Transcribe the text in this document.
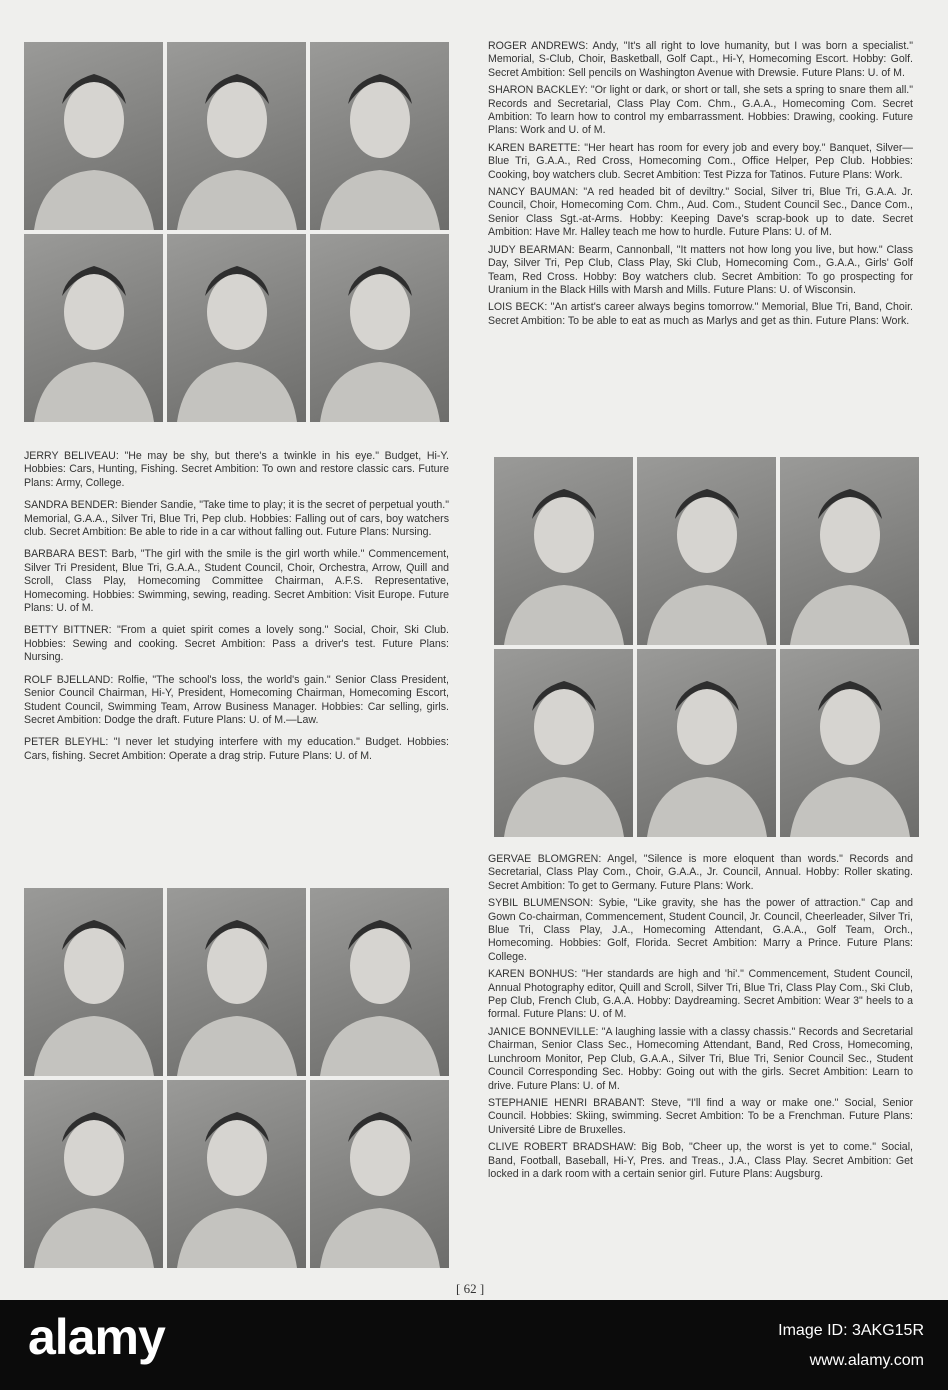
JERRY BELIVEAU: "He may be shy, but there's a twinkle in his eye." Budget, Hi-Y. Hobbies: Cars, Hunting, Fishing. Secret Ambition: To own and restore classic cars. Future Plans: Army, College.

SANDRA BENDER: Biender Sandie, "Take time to play; it is the secret of perpetual youth." Memorial, G.A.A., Silver Tri, Blue Tri, Pep club. Hobbies: Falling out of cars, boy watchers club. Secret Ambition: Be able to ride in a car without falling out. Future Plans: Nursing.

BARBARA BEST: Barb, "The girl with the smile is the girl worth while." Commencement, Silver Tri President, Blue Tri, G.A.A., Student Council, Choir, Orchestra, Arrow, Quill and Scroll, Class Play, Homecoming Committee Chairman, A.F.S. Representative, Homecoming. Hobbies: Swimming, sewing, reading. Secret Ambition: Visit Europe. Future Plans: U. of M.

BETTY BITTNER: "From a quiet spirit comes a lovely song." Social, Choir, Ski Club. Hobbies: Sewing and cooking. Secret Ambition: Pass a driver's test. Future Plans: Nursing.

ROLF BJELLAND: Rolfie, "The school's loss, the world's gain." Senior Class President, Senior Council Chairman, Hi-Y, President, Homecoming Chairman, Homecoming Escort, Student Council, Swimming Team, Arrow Business Manager. Hobbies: Car selling, girls. Secret Ambition: Dodge the draft. Future Plans: U. of M.—Law.

PETER BLEYHL: "I never let studying interfere with my education." Budget. Hobbies: Cars, fishing. Secret Ambition: Operate a drag strip. Future Plans: U. of M.

ROGER ANDREWS: Andy, "It's all right to love humanity, but I was born a specialist." Memorial, S-Club, Choir, Basketball, Golf Capt., Hi-Y, Homecoming Escort. Hobby: Golf. Secret Ambition: Sell pencils on Washington Avenue with Drewsie. Future Plans: U. of M.

SHARON BACKLEY: "Or light or dark, or short or tall, she sets a spring to snare them all." Records and Secretarial, Class Play Com. Chm., G.A.A., Homecoming Com. Secret Ambition: To learn how to control my embarrassment. Hobbies: Drawing, cooking. Future Plans: Work and U. of M.

KAREN BARETTE: "Her heart has room for every job and every boy." Banquet, Silver—Blue Tri, G.A.A., Red Cross, Homecoming Com., Office Helper, Pep Club. Hobbies: Cooking, boy watchers club. Secret Ambition: Test Pizza for Tatinos. Future Plans: Work.

NANCY BAUMAN: "A red headed bit of deviltry." Social, Silver tri, Blue Tri, G.A.A. Jr. Council, Choir, Homecoming Com. Chm., Aud. Com., Student Council Sec., Dance Com., Senior Class Sgt.-at-Arms. Hobby: Keeping Dave's scrap-book up to date. Secret Ambition: Have Mr. Halley teach me how to hurdle. Future Plans: U. of M.

JUDY BEARMAN: Bearm, Cannonball, "It matters not how long you live, but how." Class Day, Silver Tri, Pep Club, Class Play, Ski Club, Homecoming Com., G.A.A., Girls' Golf Team, Red Cross. Hobby: Boy watchers club. Secret Ambition: To go prospecting for Uranium in the Black Hills with Marsh and Mills. Future Plans: U. of Wisconsin.

LOIS BECK: "An artist's career always begins tomorrow." Memorial, Blue Tri, Band, Choir. Secret Ambition: To be able to eat as much as Marlys and get as thin. Future Plans: Work.

GERVAE BLOMGREN: Angel, "Silence is more eloquent than words." Records and Secretarial, Class Play Com., Choir, G.A.A., Jr. Council, Annual. Hobby: Roller skating. Secret Ambition: To get to Germany. Future Plans: Work.

SYBIL BLUMENSON: Sybie, "Like gravity, she has the power of attraction." Cap and Gown Co-chairman, Commencement, Student Council, Jr. Council, Cheerleader, Silver Tri, Blue Tri, Class Play, J.A., Homecoming Attendant, G.A.A., Golf Team, Orch., Homecoming. Hobbies: Golf, Florida. Secret Ambition: Marry a Prince. Future Plans: College.

KAREN BONHUS: "Her standards are high and 'hi'." Commencement, Student Council, Annual Photography editor, Quill and Scroll, Silver Tri, Blue Tri, Class Play Com., Ski Club, Pep Club, French Club, G.A.A. Hobby: Daydreaming. Secret Ambition: Wear 3" heels to a formal. Future Plans: U. of M.

JANICE BONNEVILLE: "A laughing lassie with a classy chassis." Records and Secretarial Chairman, Senior Class Sec., Homecoming Attendant, Band, Red Cross, Homecoming, Lunchroom Monitor, Pep Club, G.A.A., Silver Tri, Blue Tri, Senior Council Sec., Student Council Corresponding Sec. Hobby: Going out with the girls. Secret Ambition: Learn to drive. Future Plans: U. of M.

STEPHANIE HENRI BRABANT: Steve, "I'll find a way or make one." Social, Senior Council. Hobbies: Skiing, swimming. Secret Ambition: To be a Frenchman. Future Plans: Université Libre de Bruxelles.

CLIVE ROBERT BRADSHAW: Big Bob, "Cheer up, the worst is yet to come." Social, Band, Football, Baseball, Hi-Y, Pres. and Treas., J.A., Class Play. Secret Ambition: Get locked in a dark room with a certain senior girl. Future Plans: Augsburg.

[ 62 ]
alamy	Image ID: 3AKG15R
www.alamy.com
